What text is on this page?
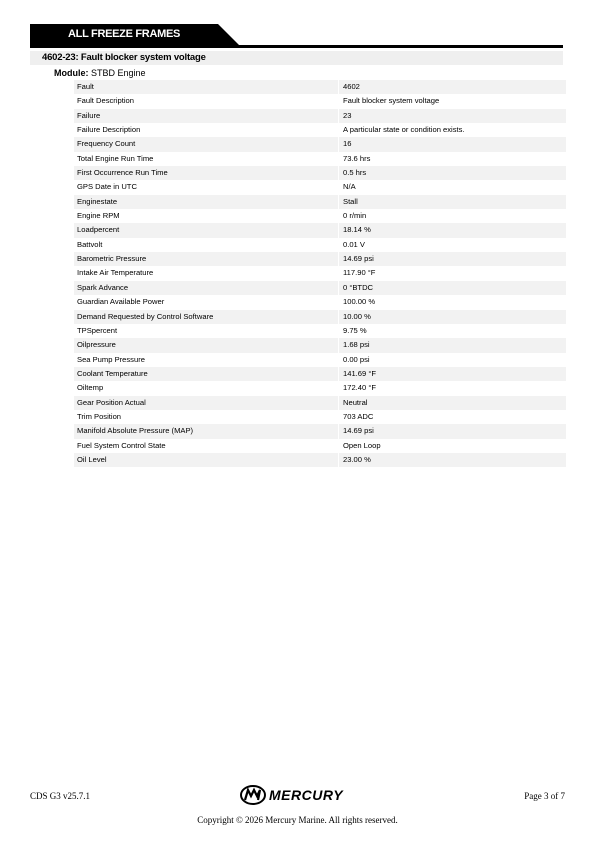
ALL FREEZE FRAMES
4602-23: Fault blocker system voltage
Module: STBD Engine
Fault	4602
Fault Description	Fault blocker system voltage
Failure	23
Failure Description	A particular state or condition exists.
Frequency Count	16
Total Engine Run Time	73.6 hrs
First Occurrence Run Time	0.5 hrs
GPS Date in UTC	N/A
Enginestate	Stall
Engine RPM	0 r/min
Loadpercent	18.14 %
Battvolt	0.01 V
Barometric Pressure	14.69 psi
Intake Air Temperature	117.90 °F
Spark Advance	0 °BTDC
Guardian Available Power	100.00 %
Demand Requested by Control Software	10.00 %
TPSpercent	9.75 %
Oilpressure	1.68 psi
Sea Pump Pressure	0.00 psi
Coolant Temperature	141.69 °F
Oiltemp	172.40 °F
Gear Position Actual	Neutral
Trim Position	703 ADC
Manifold Absolute Pressure (MAP)	14.69 psi
Fuel System Control State	Open Loop
Oil Level	23.00 %
CDS G3 v25.7.1	MERCURY	Page 3 of 7
Copyright © 2026 Mercury Marine. All rights reserved.
